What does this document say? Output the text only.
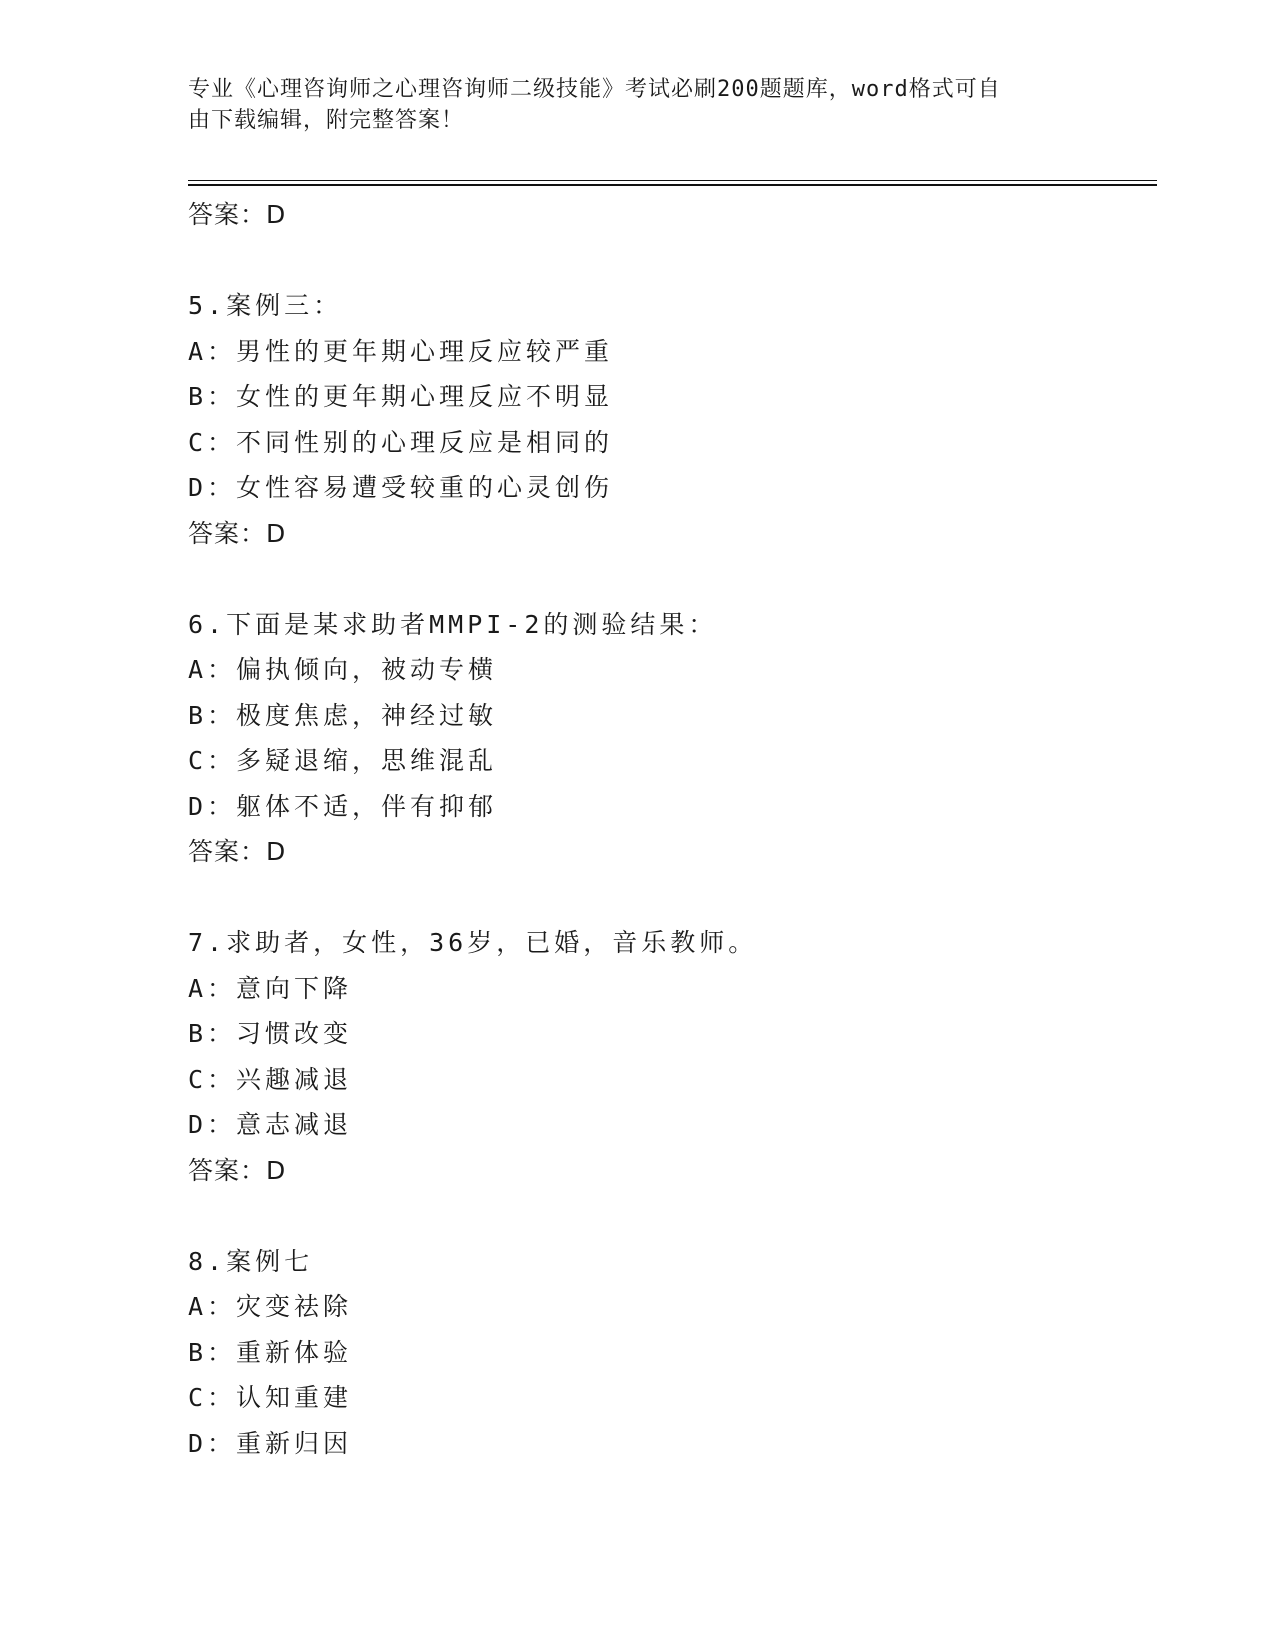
专业《心理咨询师之心理咨询师二级技能》考试必刷200题题库，word格式可自
由下载编辑，附完整答案！
答案：D
5.案例三：
A：男性的更年期心理反应较严重
B：女性的更年期心理反应不明显
C：不同性别的心理反应是相同的
D：女性容易遭受较重的心灵创伤
答案：D
6.下面是某求助者MMPI-2的测验结果：
A：偏执倾向，被动专横
B：极度焦虑，神经过敏
C：多疑退缩，思维混乱
D：躯体不适，伴有抑郁
答案：D
7.求助者，女性，36岁，已婚，音乐教师。
A：意向下降
B：习惯改变
C：兴趣减退
D：意志减退
答案：D
8.案例七
A：灾变祛除
B：重新体验
C：认知重建
D：重新归因
